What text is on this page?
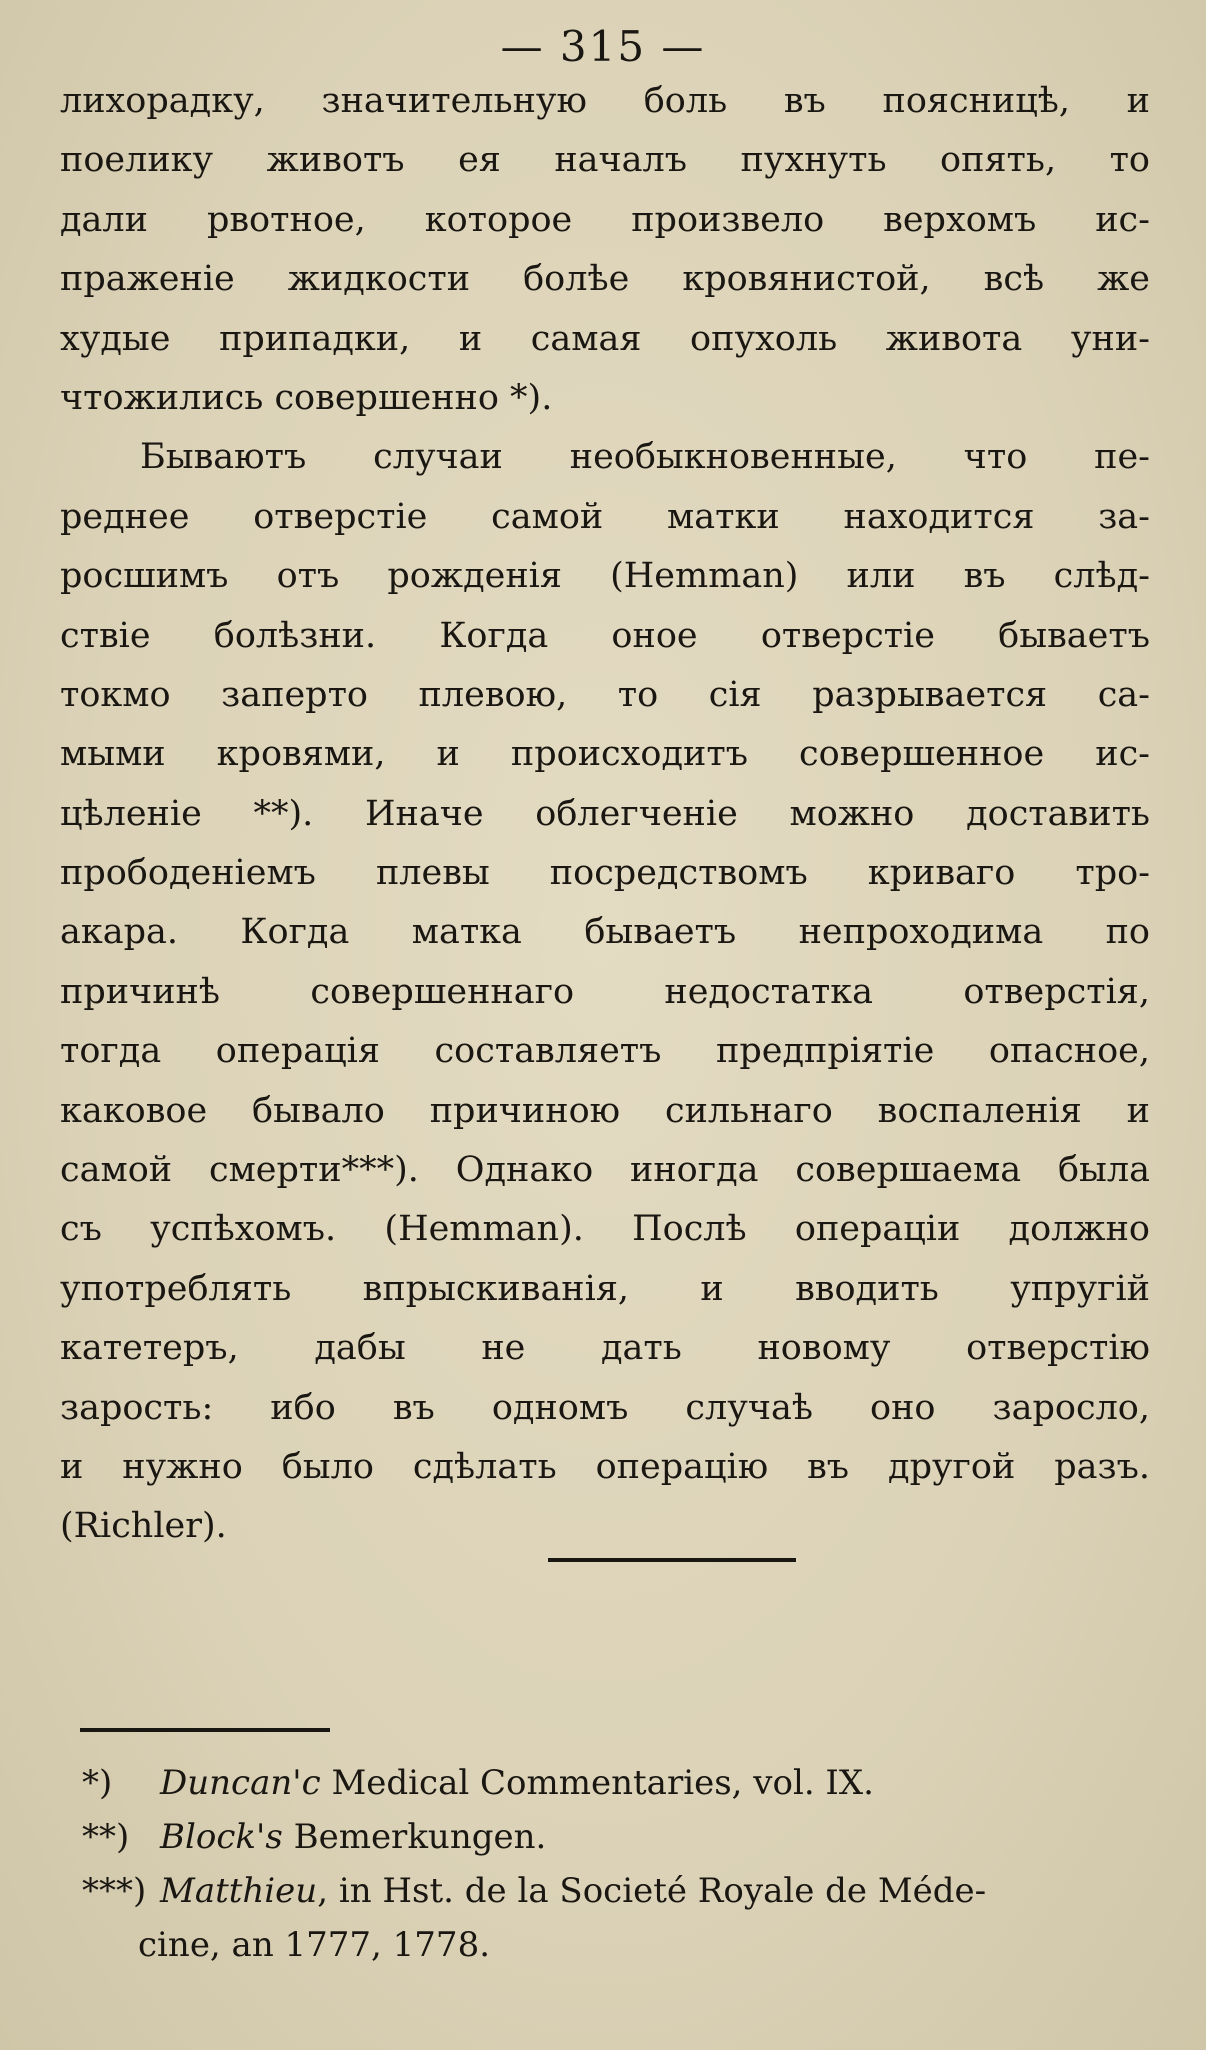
— 315 —
лихорадку, значительную боль въ поясницѣ, и
поелику животъ ея началъ пухнуть опять, то
дали рвотное, которое произвело верхомъ ис-
праженіе жидкости болѣе кровянистой, всѣ же
худые припадки, и самая опухоль живота уни-
чтожились совершенно *).
Бываютъ случаи необыкновенные, что пе-
реднее отверстіе самой матки находится за-
росшимъ отъ рожденія (Hemman) или въ слѣд-
ствіе болѣзни. Когда оное отверстіе бываетъ
токмо заперто плевою, то сія разрывается са-
мыми кровями, и происходитъ совершенное ис-
цѣленіе **). Иначе облегченіе можно доставить
прободеніемъ плевы посредствомъ криваго тро-
акара. Когда матка бываетъ непроходима по
причинѣ совершеннаго недостатка отверстія,
тогда операція составляетъ предпріятіе опасное,
каковое бывало причиною сильнаго воспаленія и
самой смерти***). Однако иногда совершаема была
съ успѣхомъ. (Hemman). Послѣ операціи должно
употреблять впрыскиванія, и вводить упругій
катетеръ, дабы не дать новому отверстію
зарость: ибо въ одномъ случаѣ оно заросло,
и нужно было сдѣлать операцію въ другой разъ.
(Richler).
*) Duncan'c Medical Commentaries, vol. IX.
**) Block's Bemerkungen.
***) Matthieu, in Hst. de la Societé Royale de Méde-
cine, an 1777, 1778.
